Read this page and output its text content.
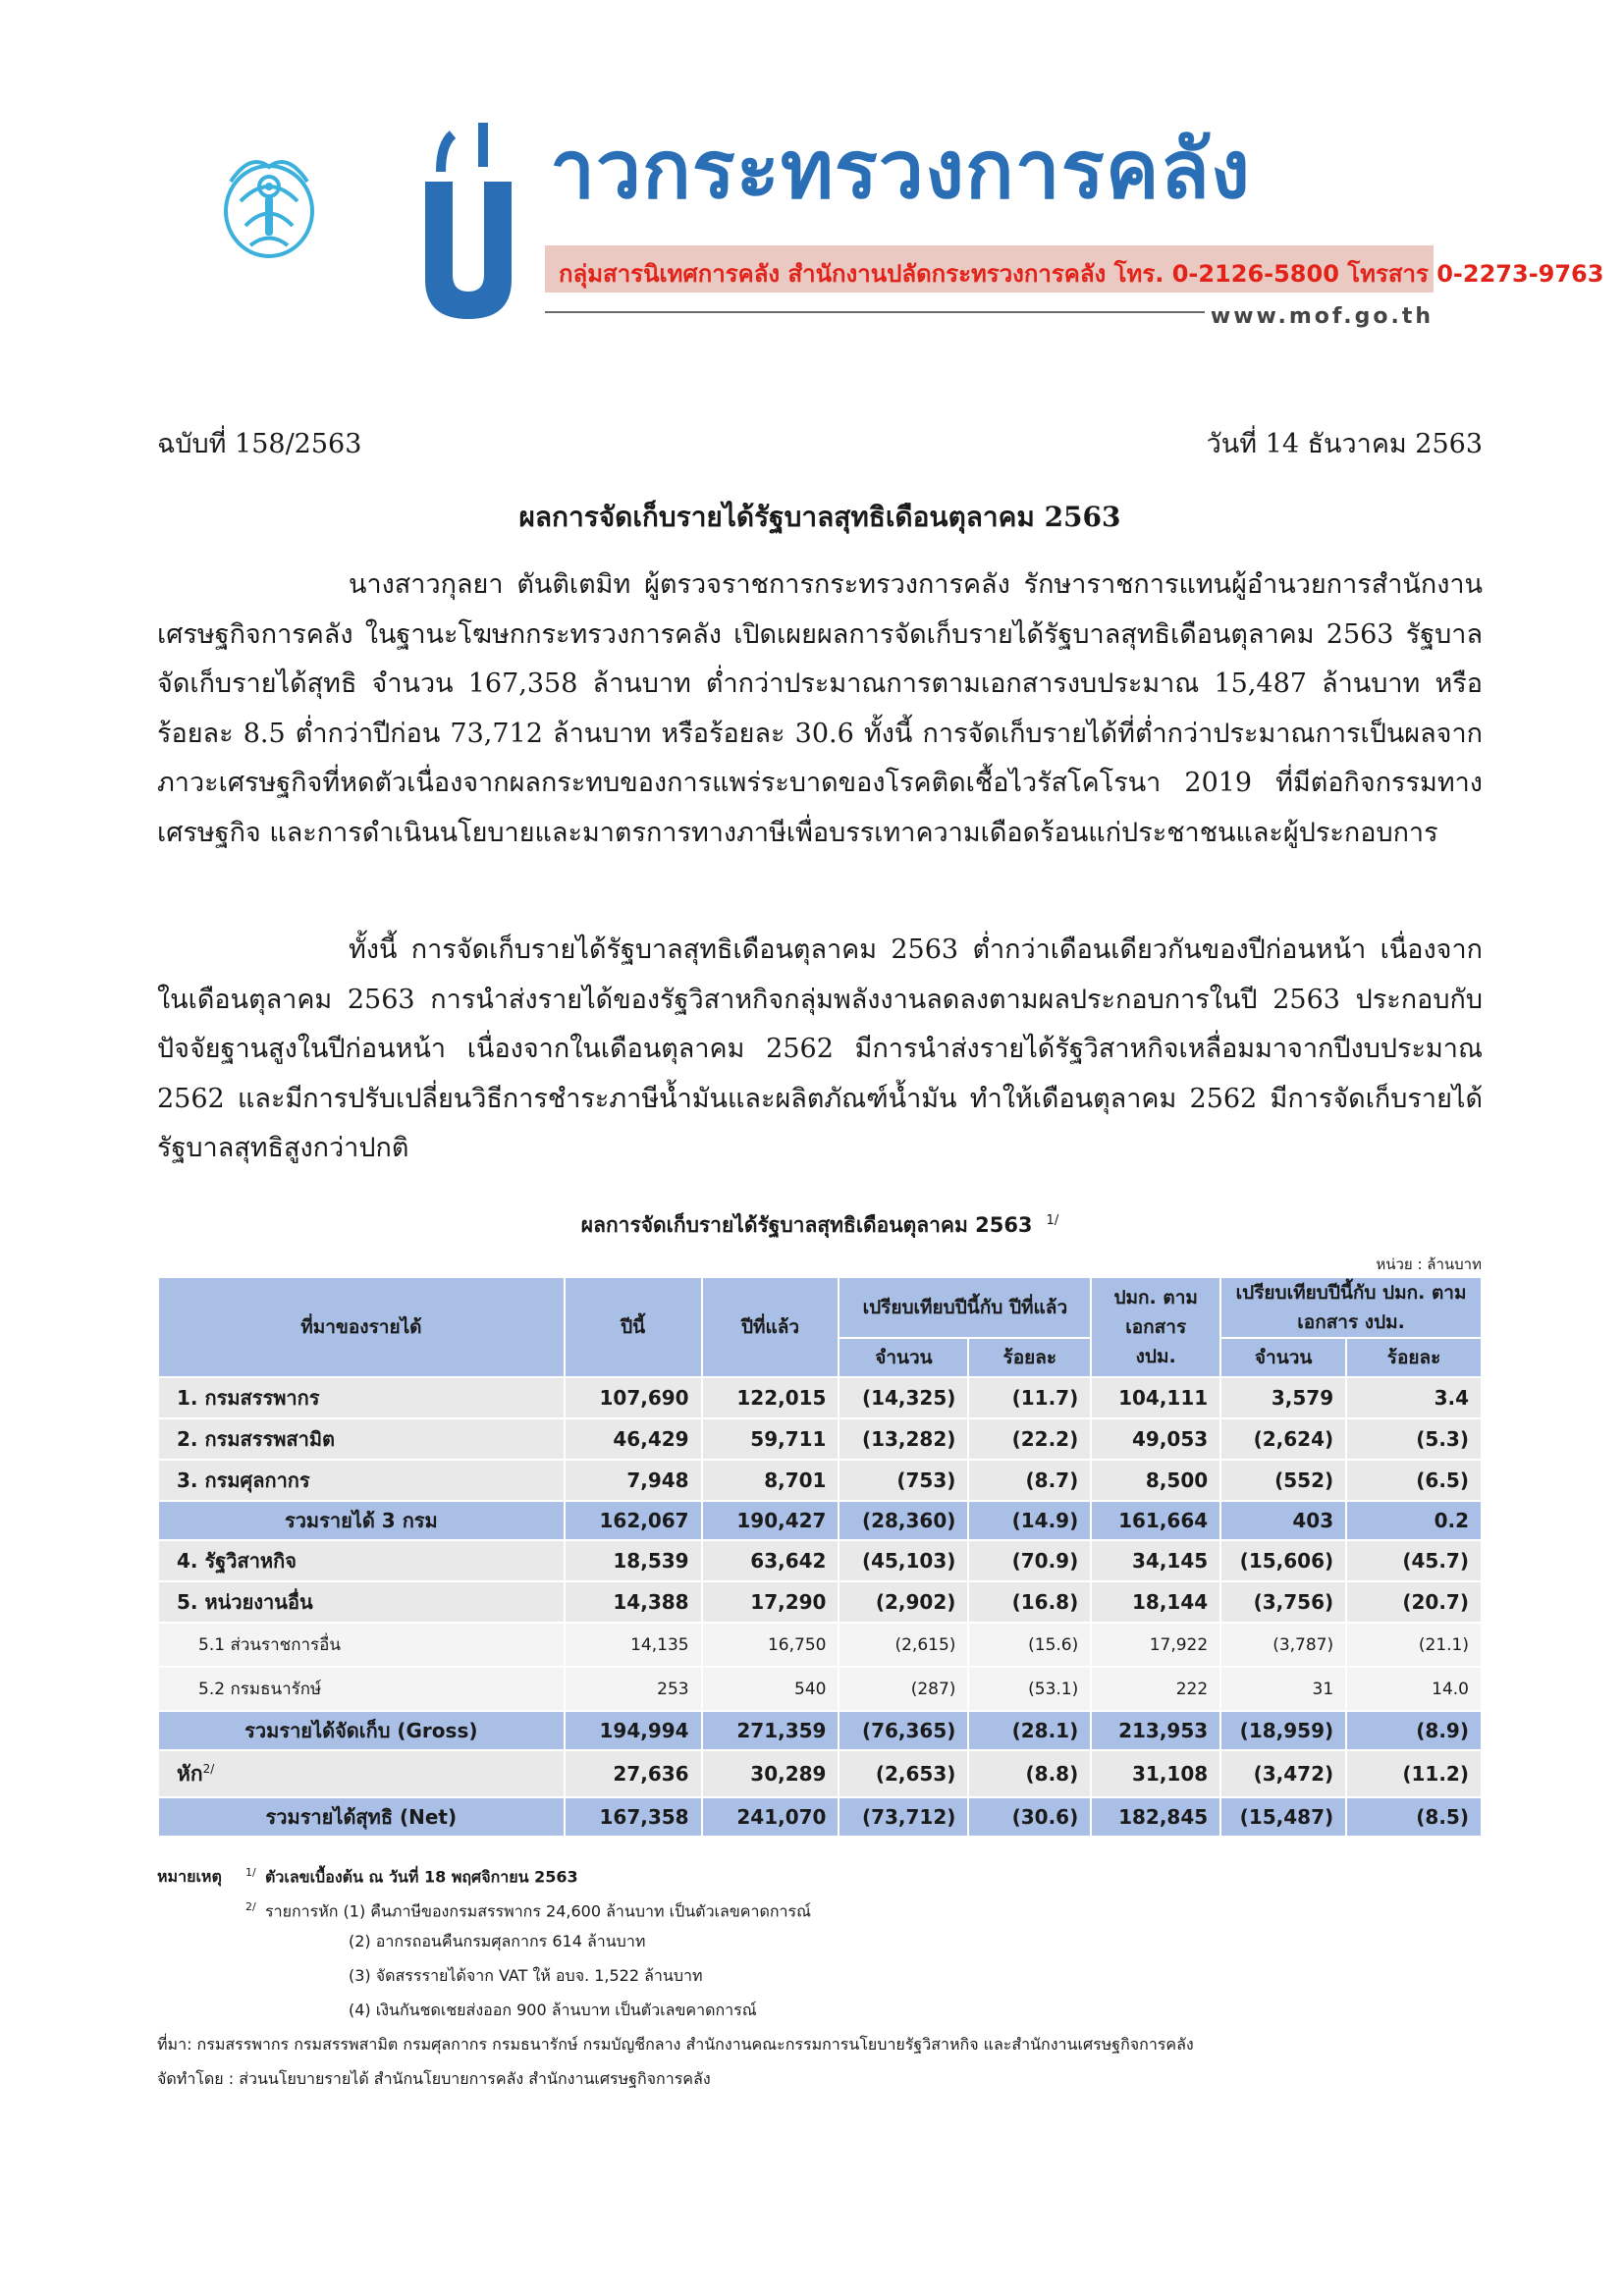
าวกระทรวงการคลัง
กลุ่มสารนิเทศการคลัง สำนักงานปลัดกระทรวงการคลัง โทร. 0-2126-5800 โทรสาร 0-2273-9763
www.mof.go.th
ฉบับที่ 158/2563	วันที่ 14 ธันวาคม 2563
ผลการจัดเก็บรายได้รัฐบาลสุทธิเดือนตุลาคม 2563
นางสาวกุลยา ตันติเตมิท ผู้ตรวจราชการกระทรวงการคลัง รักษาราชการแทนผู้อำนวยการสำนักงานเศรษฐกิจการคลัง ในฐานะโฆษกกระทรวงการคลัง เปิดเผยผลการจัดเก็บรายได้รัฐบาลสุทธิเดือนตุลาคม 2563 รัฐบาลจัดเก็บรายได้สุทธิ จำนวน 167,358 ล้านบาท ต่ำกว่าประมาณการตามเอกสารงบประมาณ 15,487 ล้านบาท หรือร้อยละ 8.5 ต่ำกว่าปีก่อน 73,712 ล้านบาท หรือร้อยละ 30.6 ทั้งนี้ การจัดเก็บรายได้ที่ต่ำกว่าประมาณการเป็นผลจากภาวะเศรษฐกิจที่หดตัวเนื่องจากผลกระทบของการแพร่ระบาดของโรคติดเชื้อไวรัสโคโรนา 2019 ที่มีต่อกิจกรรมทางเศรษฐกิจ และการดำเนินนโยบายและมาตรการทางภาษีเพื่อบรรเทาความเดือดร้อนแก่ประชาชนและผู้ประกอบการ
ทั้งนี้ การจัดเก็บรายได้รัฐบาลสุทธิเดือนตุลาคม 2563 ต่ำกว่าเดือนเดียวกันของปีก่อนหน้า เนื่องจากในเดือนตุลาคม 2563 การนำส่งรายได้ของรัฐวิสาหกิจกลุ่มพลังงานลดลงตามผลประกอบการในปี 2563 ประกอบกับปัจจัยฐานสูงในปีก่อนหน้า เนื่องจากในเดือนตุลาคม 2562 มีการนำส่งรายได้รัฐวิสาหกิจเหลื่อมมาจากปีงบประมาณ 2562 และมีการปรับเปลี่ยนวิธีการชำระภาษีน้ำมันและผลิตภัณฑ์น้ำมัน ทำให้เดือนตุลาคม 2562 มีการจัดเก็บรายได้รัฐบาลสุทธิสูงกว่าปกติ
ผลการจัดเก็บรายได้รัฐบาลสุทธิเดือนตุลาคม 2563 $^{1/}$
หน่วย : ล้านบาท
ที่มาของรายได้	ปีนี้	ปีที่แล้ว	เปรียบเทียบปีนี้กับ ปีที่แล้ว		ปมก. ตาม เอกสาร งปม.	เปรียบเทียบปีนี้กับ ปมก. ตามเอกสาร งปม.	
			จำนวน	ร้อยละ		จำนวน	ร้อยละ
1. กรมสรรพากร	107,690	122,015	(14,325)	(11.7)	104,111	3,579	3.4
2. กรมสรรพสามิต	46,429	59,711	(13,282)	(22.2)	49,053	(2,624)	(5.3)
3. กรมศุลกากร	7,948	8,701	(753)	(8.7)	8,500	(552)	(6.5)
รวมรายได้ 3 กรม	162,067	190,427	(28,360)	(14.9)	161,664	403	0.2
4. รัฐวิสาหกิจ	18,539	63,642	(45,103)	(70.9)	34,145	(15,606)	(45.7)
5. หน่วยงานอื่น	14,388	17,290	(2,902)	(16.8)	18,144	(3,756)	(20.7)
5.1 ส่วนราชการอื่น	14,135	16,750	(2,615)	(15.6)	17,922	(3,787)	(21.1)
5.2 กรมธนารักษ์	253	540	(287)	(53.1)	222	31	14.0
รวมรายได้จัดเก็บ (Gross)	194,994	271,359	(76,365)	(28.1)	213,953	(18,959)	(8.9)
หัก$^{2/}$	27,636	30,289	(2,653)	(8.8)	31,108	(3,472)	(11.2)
รวมรายได้สุทธิ (Net)	167,358	241,070	(73,712)	(30.6)	182,845	(15,487)	(8.5)
หมายเหตุ 1/ ตัวเลขเบื้องต้น ณ วันที่ 18 พฤศจิกายน 2563
2/ รายการหัก (1) คืนภาษีของกรมสรรพากร 24,600 ล้านบาท เป็นตัวเลขคาดการณ์
(2) อากรถอนคืนกรมศุลกากร 614 ล้านบาท
(3) จัดสรรรายได้จาก VAT ให้ อบจ. 1,522 ล้านบาท
(4) เงินกันชดเชยส่งออก 900 ล้านบาท เป็นตัวเลขคาดการณ์
ที่มา: กรมสรรพากร กรมสรรพสามิต กรมศุลกากร กรมธนารักษ์ กรมบัญชีกลาง สำนักงานคณะกรรมการนโยบายรัฐวิสาหกิจ และสำนักงานเศรษฐกิจการคลัง
จัดทำโดย : ส่วนนโยบายรายได้ สำนักนโยบายการคลัง สำนักงานเศรษฐกิจการคลัง
